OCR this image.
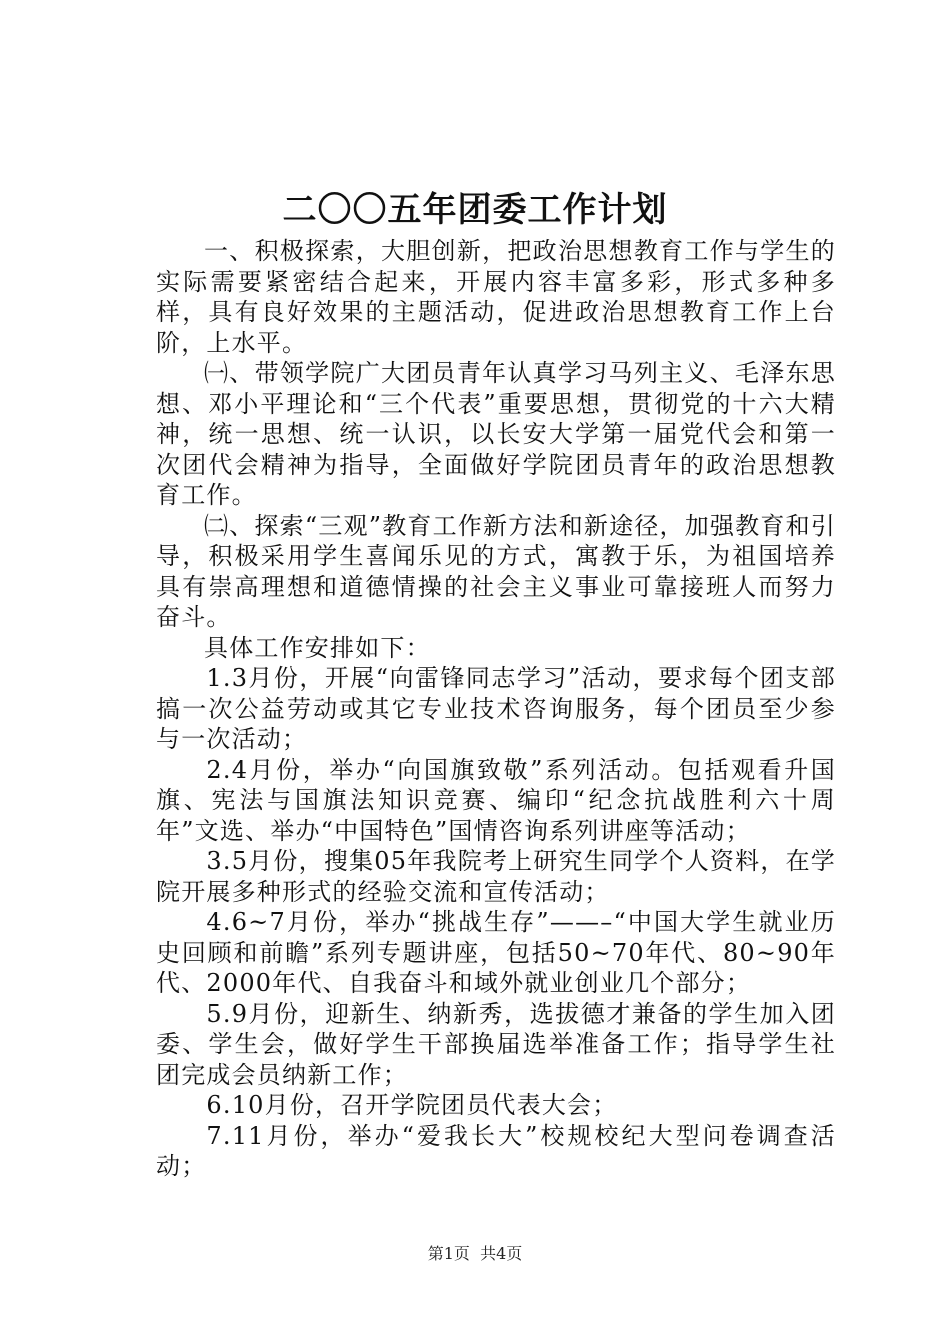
二〇〇五年团委工作计划

一、积极探索，大胆创新，把政治思想教育工作与学生的实际需要紧密结合起来，开展内容丰富多彩，形式多种多样，具有良好效果的主题活动，促进政治思想教育工作上台阶，上水平。

㈠、带领学院广大团员青年认真学习马列主义、毛泽东思想、邓小平理论和“三个代表”重要思想，贯彻党的十六大精神，统一思想、统一认识，以长安大学第一届党代会和第一次团代会精神为指导，全面做好学院团员青年的政治思想教育工作。

㈡、探索“三观”教育工作新方法和新途径，加强教育和引导，积极采用学生喜闻乐见的方式，寓教于乐，为祖国培养具有崇高理想和道德情操的社会主义事业可靠接班人而努力奋斗。

具体工作安排如下：

1.3月份，开展“向雷锋同志学习”活动，要求每个团支部搞一次公益劳动或其它专业技术咨询服务，每个团员至少参与一次活动；

2.4月份，举办“向国旗致敬”系列活动。包括观看升国旗、宪法与国旗法知识竞赛、编印“纪念抗战胜利六十周年”文选、举办“中国特色”国情咨询系列讲座等活动；

3.5月份，搜集05年我院考上研究生同学个人资料，在学院开展多种形式的经验交流和宣传活动；

4.6~7月份，举办“挑战生存”——–“中国大学生就业历史回顾和前瞻”系列专题讲座，包括50~70年代、80~90年代、2000年代、自我奋斗和域外就业创业几个部分；

5.9月份，迎新生、纳新秀，选拔德才兼备的学生加入团委、学生会，做好学生干部换届选举准备工作；指导学生社团完成会员纳新工作；

6.10月份，召开学院团员代表大会；

7.11月份，举办“爱我长大”校规校纪大型问卷调查活动；

第1页 共4页
